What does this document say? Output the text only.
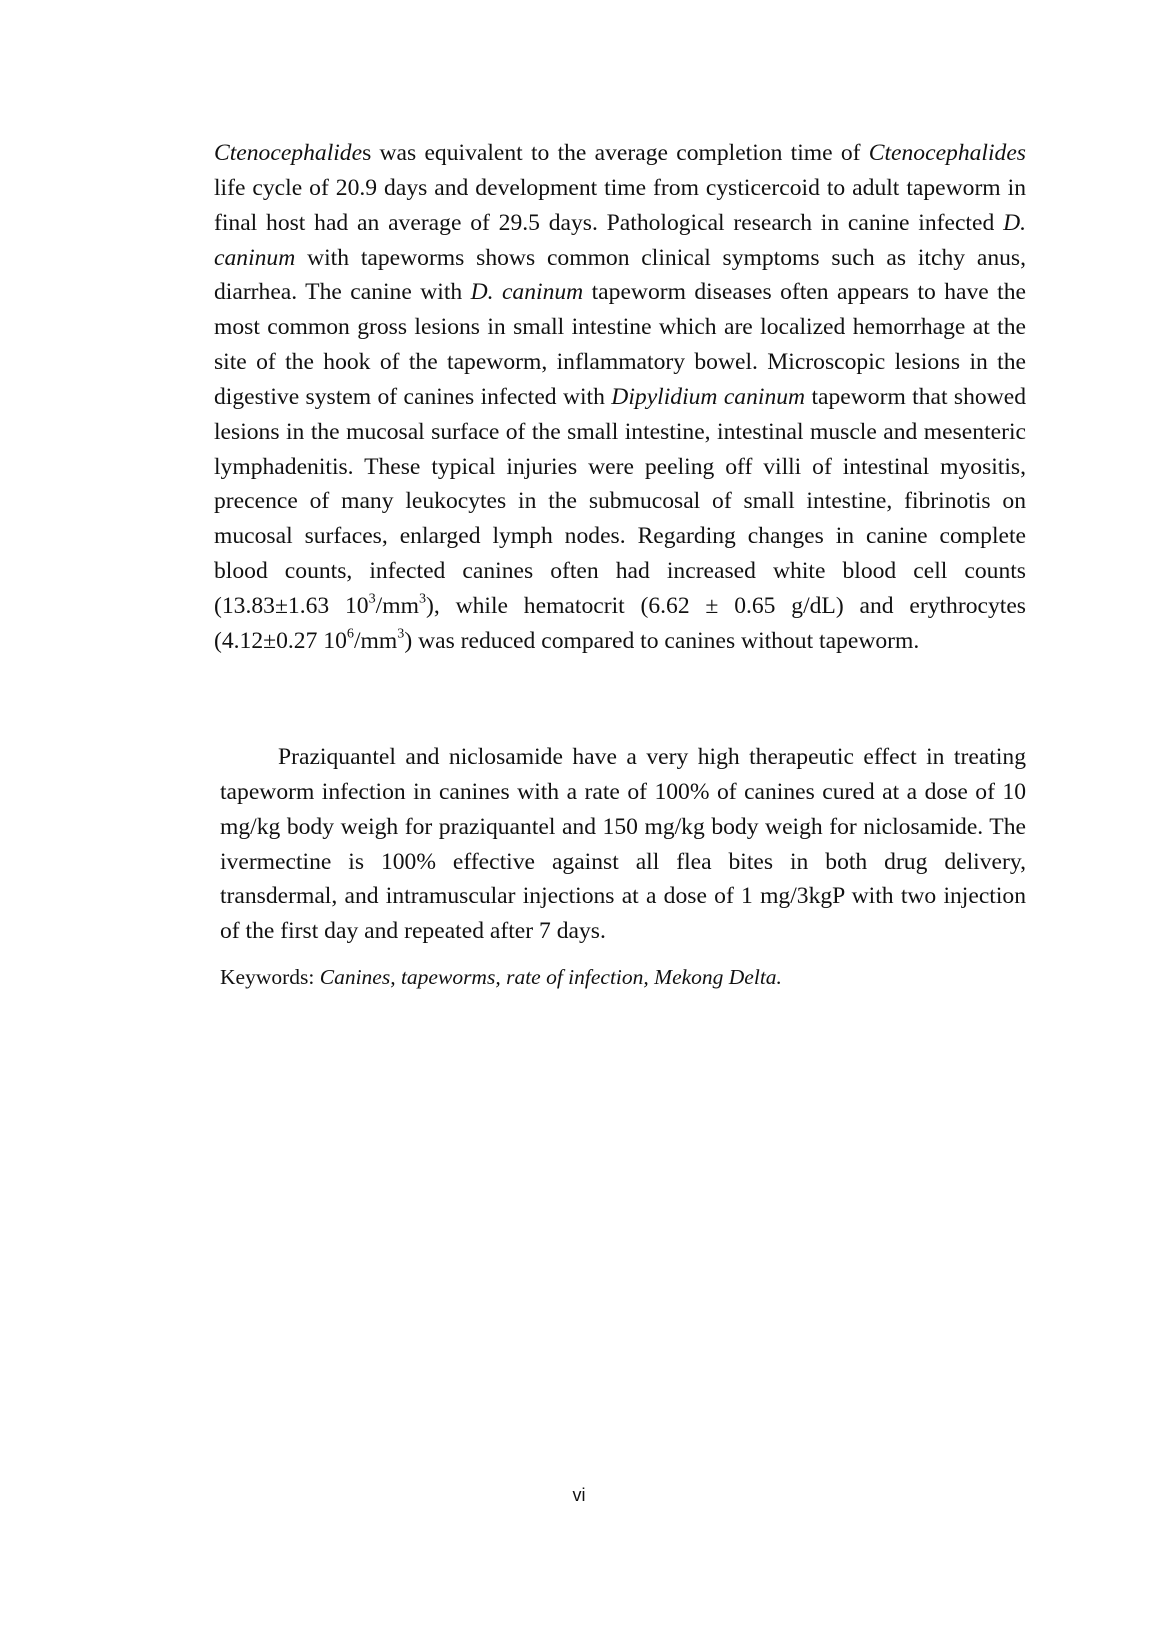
Ctenocephalides was equivalent to the average completion time of Ctenocephalides life cycle of 20.9 days and development time from cysticercoid to adult tapeworm in final host had an average of 29.5 days. Pathological research in canine infected D. caninum with tapeworms shows common clinical symptoms such as itchy anus, diarrhea. The canine with D. caninum tapeworm diseases often appears to have the most common gross lesions in small intestine which are localized hemorrhage at the site of the hook of the tapeworm, inflammatory bowel. Microscopic lesions in the digestive system of canines infected with Dipylidium caninum tapeworm that showed lesions in the mucosal surface of the small intestine, intestinal muscle and mesenteric lymphadenitis. These typical injuries were peeling off villi of intestinal myositis, precence of many leukocytes in the submucosal of small intestine, fibrinotis on mucosal surfaces, enlarged lymph nodes. Regarding changes in canine complete blood counts, infected canines often had increased white blood cell counts (13.83±1.63 $10^3/mm^3$), while hematocrit (6.62 ± 0.65 g/dL) and erythrocytes (4.12±0.27 $10^6/mm^3$) was reduced compared to canines without tapeworm.

Praziquantel and niclosamide have a very high therapeutic effect in treating tapeworm infection in canines with a rate of 100% of canines cured at a dose of 10 mg/kg body weigh for praziquantel and 150 mg/kg body weigh for niclosamide. The ivermectine is 100% effective against all flea bites in both drug delivery, transdermal, and intramuscular injections at a dose of 1 mg/3kgP with two injection of the first day and repeated after 7 days.

Keywords: Canines, tapeworms, rate of infection, Mekong Delta.

vi
